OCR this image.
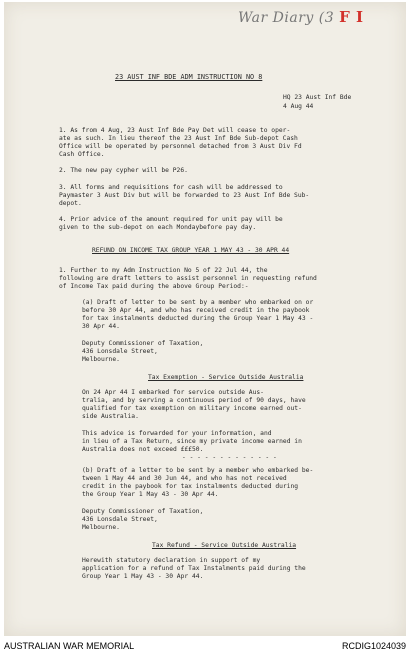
War Diary (3 F I
23 AUST INF BDE ADM INSTRUCTION NO 8
HQ 23 Aust Inf Bde
4 Aug 44
1. As from 4 Aug, 23 Aust Inf Bde Pay Det will cease to oper-
ate as such. In lieu thereof the 23 Aust Inf Bde Sub-depot Cash
Office will be operated by personnel detached from 3 Aust Div Fd
Cash Office.
2. The new pay cypher will be P26.
3. All forms and requisitions for cash will be addressed to
Paymaster 3 Aust Div but will be forwarded to 23 Aust Inf Bde Sub-
depot.
4. Prior advice of the amount required for unit pay will be
given to the sub-depot on each Mondaybefore pay day.
REFUND ON INCOME TAX GROUP YEAR 1 MAY 43 - 30 APR 44
1. Further to my Adm Instruction No 5 of 22 Jul 44, the
following are draft letters to assist personnel in requesting refund
of Income Tax paid during the above Group Period:-
(a) Draft of letter to be sent by a member who embarked on or
before 30 Apr 44, and who has received credit in the paybook
for tax instalments deducted during the Group Year 1 May 43 -
30 Apr 44.
Deputy Commissioner of Taxation,
436 Lonsdale Street,
Melbourne.
Tax Exemption - Service Outside Australia
On 24 Apr 44 I embarked for service outside Aus-
tralia, and by serving a continuous period of 90 days, have
qualified for tax exemption on military income earned out-
side Australia.
This advice is forwarded for your information, and
in lieu of a Tax Return, since my private income earned in
Australia does not exceed £££50.
- - - - - - - - - - - - -
(b) Draft of a letter to be sent by a member who embarked be-
tween 1 May 44 and 30 Jun 44, and who has not received
credit in the paybook for tax instalments deducted during
the Group Year 1 May 43 - 30 Apr 44.
Deputy Commissioner of Taxation,
436 Lonsdale Street,
Melbourne.
Tax Refund - Service Outside Australia
Herewith statutory declaration in support of my
application for a refund of Tax Instalments paid during the
Group Year 1 May 43 - 30 Apr 44.
AUSTRALIAN WAR MEMORIAL	RCDIG1024039
